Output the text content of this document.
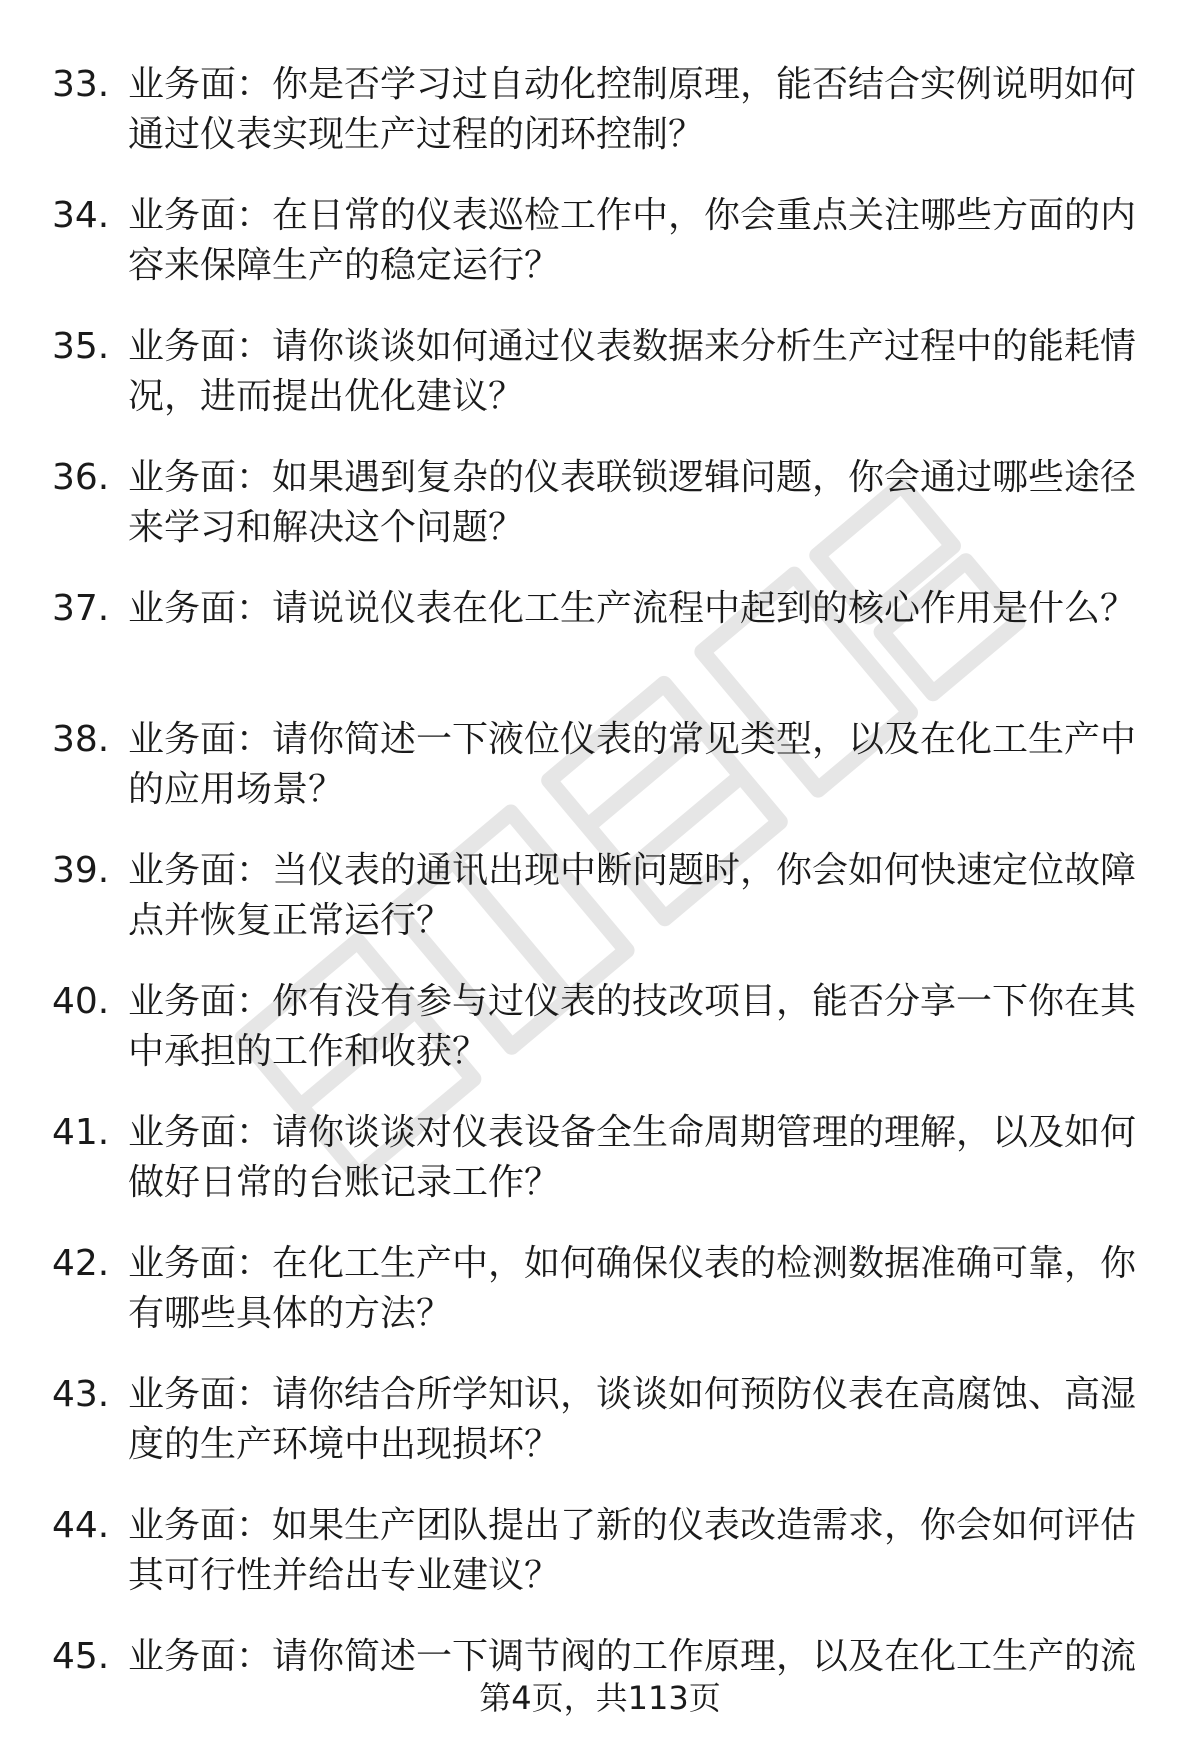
33. 业务面：你是否学习过自动化控制原理，能否结合实例说明如何通过仪表实现生产过程的闭环控制？
34. 业务面：在日常的仪表巡检工作中，你会重点关注哪些方面的内容来保障生产的稳定运行？
35. 业务面：请你谈谈如何通过仪表数据来分析生产过程中的能耗情况，进而提出优化建议？
36. 业务面：如果遇到复杂的仪表联锁逻辑问题，你会通过哪些途径来学习和解决这个问题？
37. 业务面：请说说仪表在化工生产流程中起到的核心作用是什么？
38. 业务面：请你简述一下液位仪表的常见类型，以及在化工生产中的应用场景？
39. 业务面：当仪表的通讯出现中断问题时，你会如何快速定位故障点并恢复正常运行？
40. 业务面：你有没有参与过仪表的技改项目，能否分享一下你在其中承担的工作和收获？
41. 业务面：请你谈谈对仪表设备全生命周期管理的理解，以及如何做好日常的台账记录工作？
42. 业务面：在化工生产中，如何确保仪表的检测数据准确可靠，你有哪些具体的方法？
43. 业务面：请你结合所学知识，谈谈如何预防仪表在高腐蚀、高湿度的生产环境中出现损坏？
44. 业务面：如果生产团队提出了新的仪表改造需求，你会如何评估其可行性并给出专业建议？
45. 业务面：请你简述一下调节阀的工作原理，以及在化工生产的流
第4页，共113页
